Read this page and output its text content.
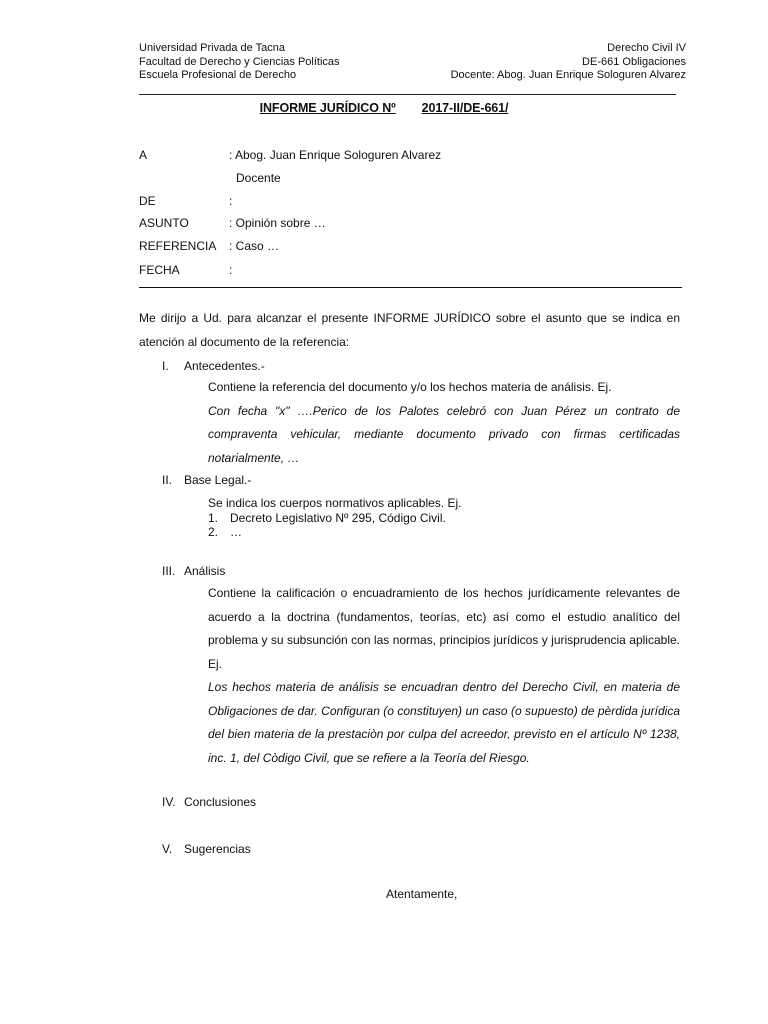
Universidad Privada de Tacna
Facultad de Derecho y Ciencias Políticas
Escuela Profesional de Derecho
Derecho Civil IV
DE-661 Obligaciones
Docente: Abog. Juan Enrique Sologuren Alvarez
INFORME JURÍDICO Nº 2017-II/DE-661/
A	: Abog. Juan Enrique Sologuren Alvarez
Docente
DE	:
ASUNTO	: Opinión sobre …
REFERENCIA : Caso …
FECHA	:
Me dirijo a Ud. para alcanzar el presente INFORME JURÍDICO sobre el asunto que se indica en atención al documento de la referencia:
I. Antecedentes.-

Contiene la referencia del documento y/o los hechos materia de análisis. Ej.

Con fecha "x" ….Perico de los Palotes celebró con Juan Pérez un contrato de compraventa vehicular, mediante documento privado con firmas certificadas notarialmente, …

II. Base Legal.-
Se indica los cuerpos normativos aplicables. Ej.
1. Decreto Legislativo Nº 295, Código Civil.
2. …
III. Análisis

Contiene la calificación o encuadramiento de los hechos jurídicamente relevantes de acuerdo a la doctrina (fundamentos, teorías, etc) así como el estudio analítico del problema y su subsunción con las normas, principios jurídicos y jurisprudencia aplicable. Ej.

Los hechos materia de análisis se encuadran dentro del Derecho Civil, en materia de Obligaciones de dar. Configuran (o constituyen) un caso (o supuesto) de pèrdida jurídica del bien materia de la prestaciòn por culpa del acreedor, previsto en el artículo Nº 1238, inc. 1, del Còdigo Civil, que se refiere a la Teoría del Riesgo.

IV. Conclusiones
V. Sugerencias
Atentamente,
